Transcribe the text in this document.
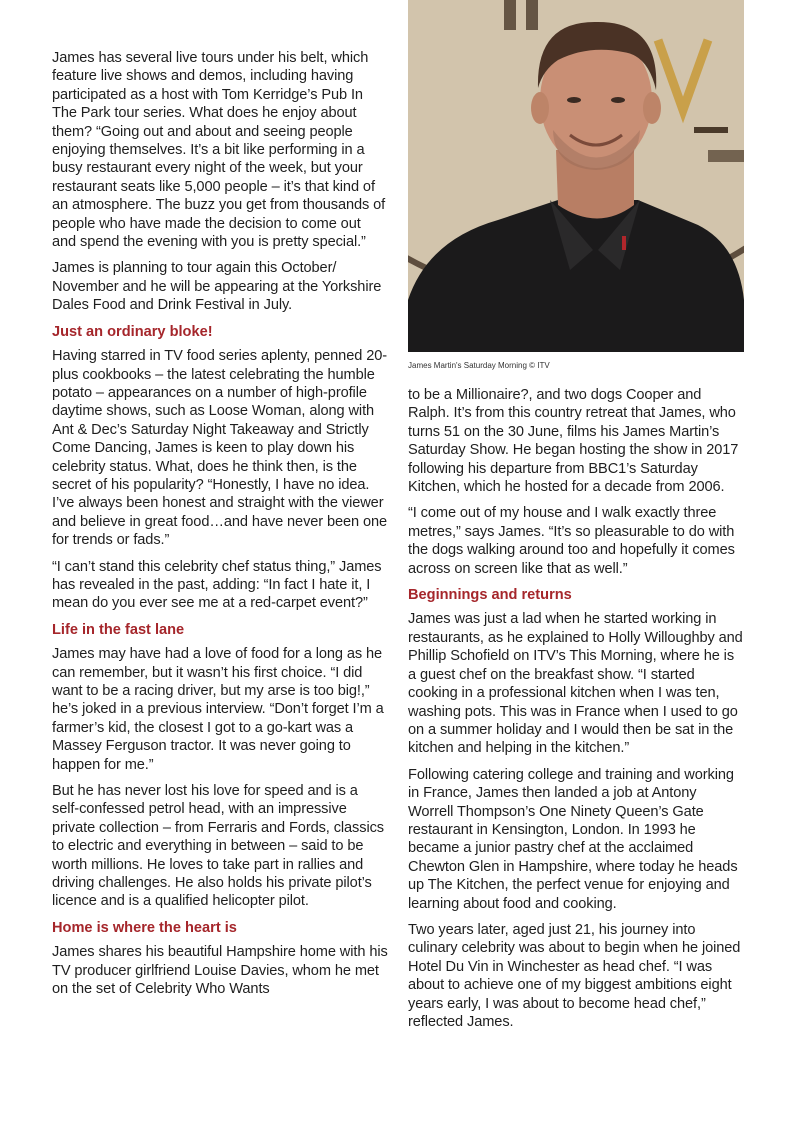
James has several live tours under his belt, which feature live shows and demos, including having participated as a host with Tom Kerridge’s Pub In The Park tour series. What does he enjoy about them? “Going out and about and seeing people enjoying themselves. It’s a bit like performing in a busy restaurant every night of the week, but your restaurant seats like 5,000 people – it’s that kind of an atmosphere. The buzz you get from thousands of people who have made the decision to come out and spend the evening with you is pretty special.”

James is planning to tour again this October/ November and he will be appearing at the Yorkshire Dales Food and Drink Festival in July.

Just an ordinary bloke!

Having starred in TV food series aplenty, penned 20-plus cookbooks – the latest celebrating the humble potato – appearances on a number of high-profile daytime shows, such as Loose Woman, along with Ant & Dec’s Saturday Night Takeaway and Strictly Come Dancing, James is keen to play down his celebrity status. What, does he think then, is the secret of his popularity? “Honestly, I have no idea. I’ve always been honest and straight with the viewer and believe in great food…and have never been one for trends or fads.”

“I can’t stand this celebrity chef status thing,” James has revealed in the past, adding: “In fact I hate it, I mean do you ever see me at a red-carpet event?”

Life in the fast lane

James may have had a love of food for a long as he can remember, but it wasn’t his first choice. “I did want to be a racing driver, but my arse is too big!,” he’s joked in a previous interview. “Don’t forget I’m a farmer’s kid, the closest I got to a go-kart was a Massey Ferguson tractor. It was never going to happen for me.”

But he has never lost his love for speed and is a self-confessed petrol head, with an impressive private collection – from Ferraris and Fords, classics to electric and everything in between – said to be worth millions. He loves to take part in rallies and driving challenges. He also holds his private pilot’s licence and is a qualified helicopter pilot.

Home is where the heart is

James shares his beautiful Hampshire home with his TV producer girlfriend Louise Davies, whom he met on the set of Celebrity Who Wants

James Martin's Saturday Morning © ITV

to be a Millionaire?, and two dogs Cooper and Ralph. It’s from this country retreat that James, who turns 51 on the 30 June, films his James Martin’s Saturday Show. He began hosting the show in 2017 following his departure from BBC1’s Saturday Kitchen, which he hosted for a decade from 2006.

“I come out of my house and I walk exactly three metres,” says James. “It’s so pleasurable to do with the dogs walking around too and hopefully it comes across on screen like that as well.”

Beginnings and returns

James was just a lad when he started working in restaurants, as he explained to Holly Willoughby and Phillip Schofield on ITV’s This Morning, where he is a guest chef on the breakfast show. “I started cooking in a professional kitchen when I was ten, washing pots. This was in France when I used to go on a summer holiday and I would then be sat in the kitchen and helping in the kitchen.”

Following catering college and training and working in France, James then landed a job at Antony Worrell Thompson’s One Ninety Queen’s Gate restaurant in Kensington, London. In 1993 he became a junior pastry chef at the acclaimed Chewton Glen in Hampshire, where today he heads up The Kitchen, the perfect venue for enjoying and learning about food and cooking.

Two years later, aged just 21, his journey into culinary celebrity was about to begin when he joined Hotel Du Vin in Winchester as head chef. “I was about to achieve one of my biggest ambitions eight years early, I was about to become head chef,” reflected James.
